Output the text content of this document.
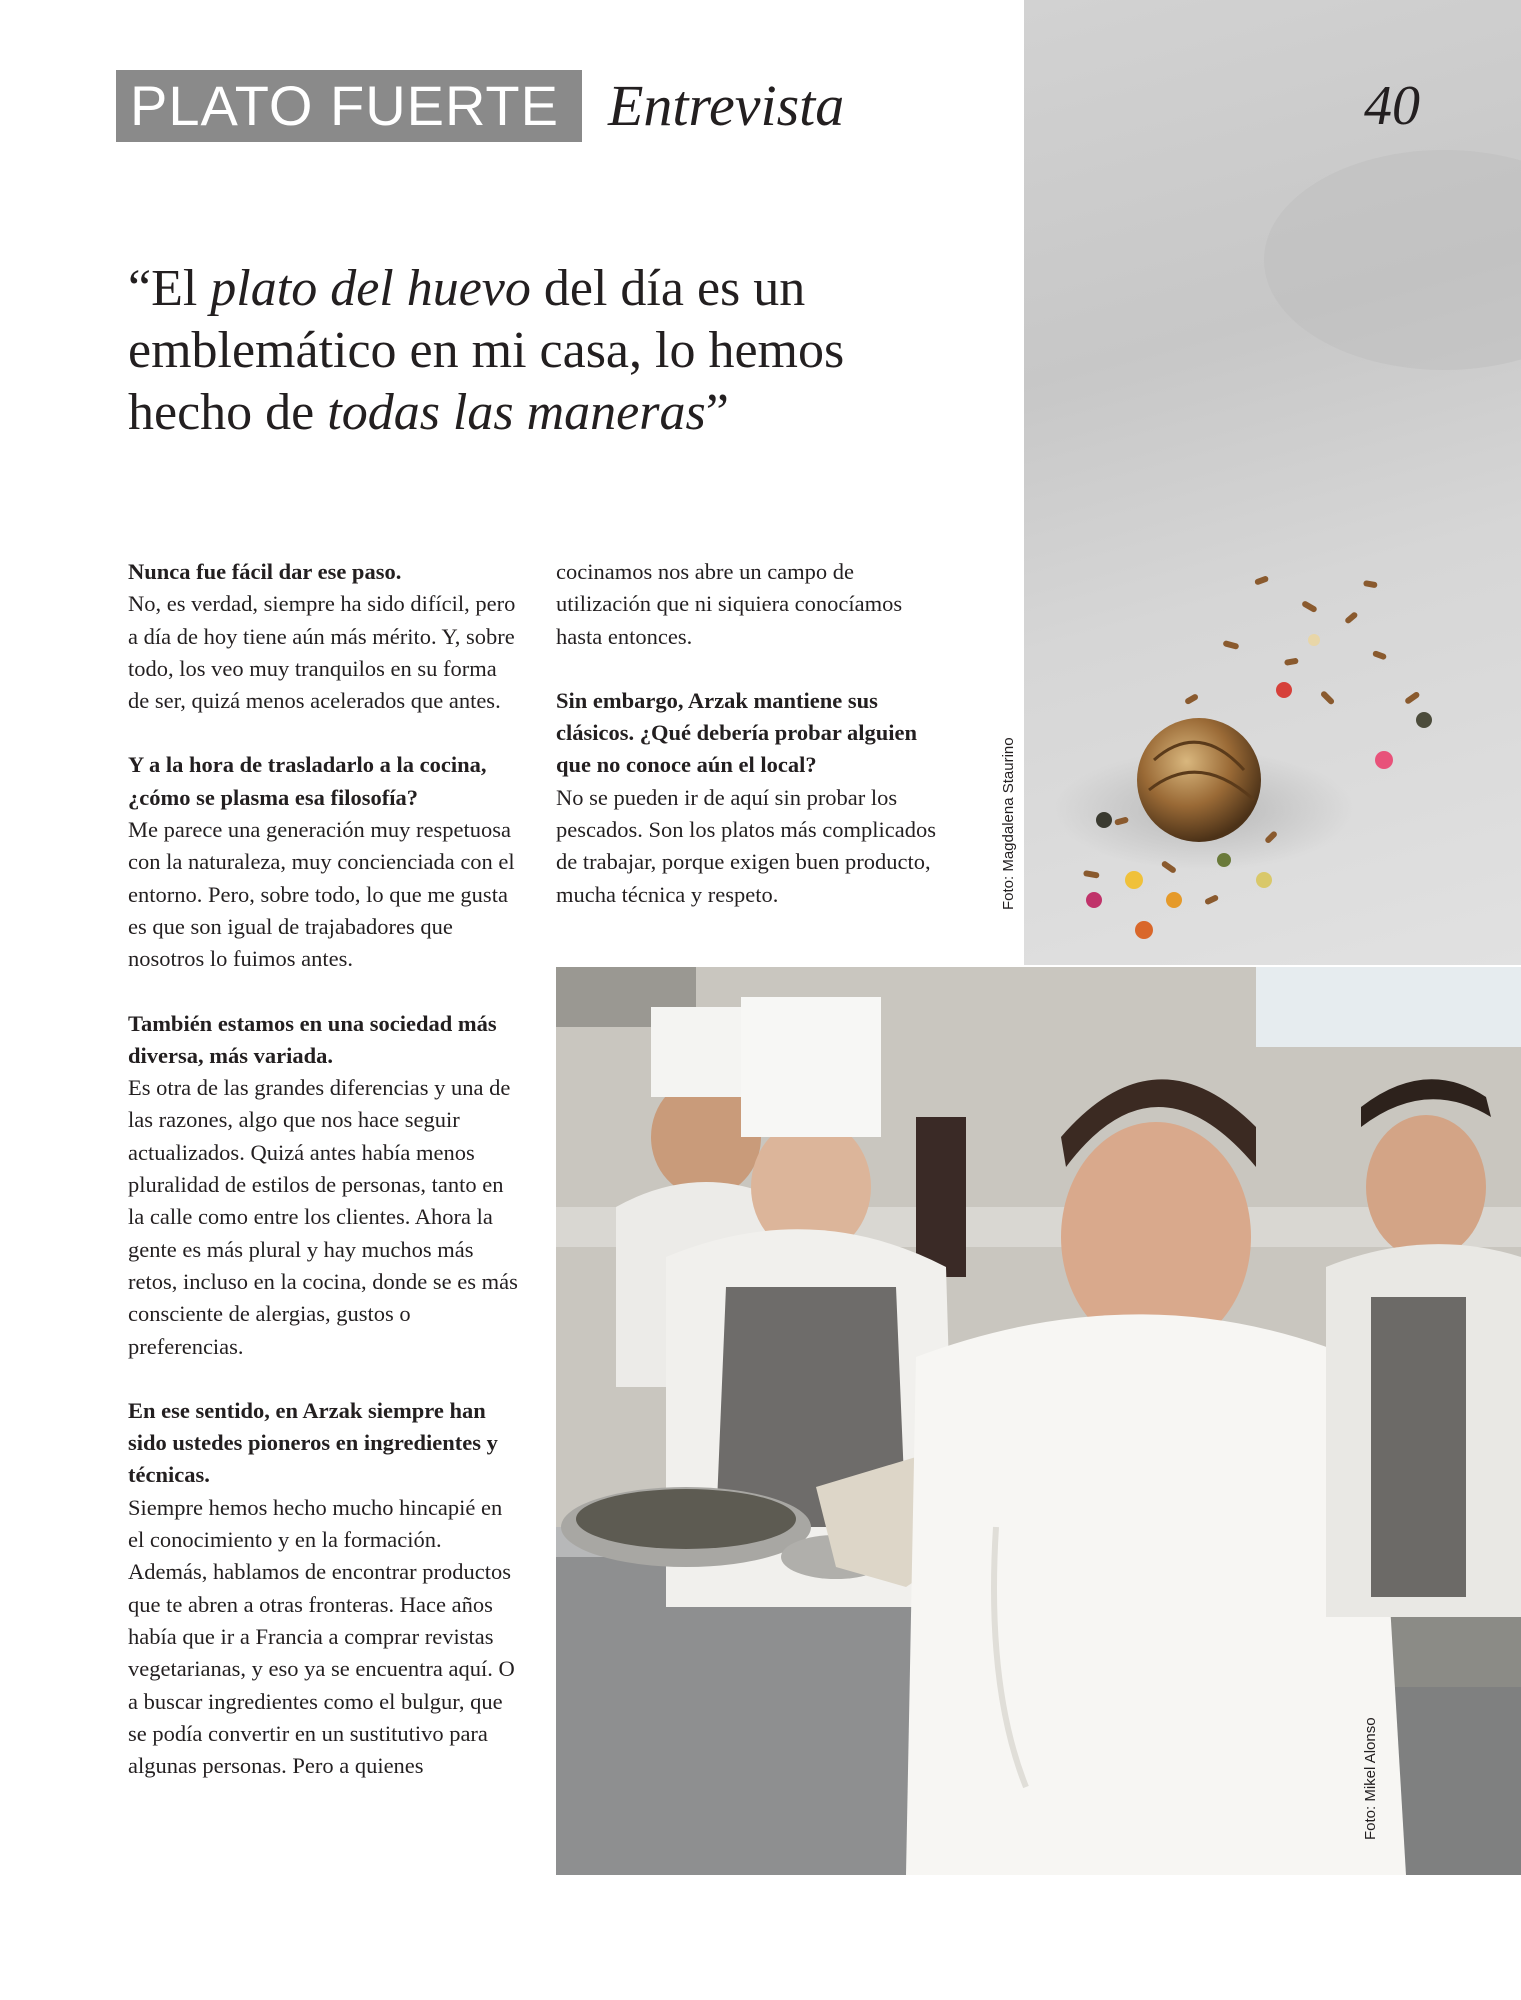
PLATO FUERTE Entrevista	40
“El plato del huevo del día es un emblemático en mi casa, lo hemos hecho de todas las maneras”

Nunca fue fácil dar ese paso.
No, es verdad, siempre ha sido difícil, pero a día de hoy tiene aún más mérito. Y, sobre todo, los veo muy tranquilos en su forma de ser, quizá menos acelerados que antes.

Y a la hora de trasladarlo a la cocina, ¿cómo se plasma esa filosofía?
Me parece una generación muy respetuosa con la naturaleza, muy concienciada con el entorno. Pero, sobre todo, lo que me gusta es que son igual de trajabadores que nosotros lo fuimos antes.

También estamos en una sociedad más diversa, más variada.
Es otra de las grandes diferencias y una de las razones, algo que nos hace seguir actualizados. Quizá antes había menos pluralidad de estilos de personas, tanto en la calle como entre los clientes. Ahora la gente es más plural y hay muchos más retos, incluso en la cocina, donde se es más consciente de alergias, gustos o preferencias.

En ese sentido, en Arzak siempre han sido ustedes pioneros en ingredientes y técnicas.
Siempre hemos hecho mucho hincapié en el conocimiento y en la formación. Además, hablamos de encontrar productos que te abren a otras fronteras. Hace años había que ir a Francia a comprar revistas vegetarianas, y eso ya se encuentra aquí. O a buscar ingredientes como el bulgur, que se podía convertir en un sustitutivo para algunas personas. Pero a quienes

cocinamos nos abre un campo de utilización que ni siquiera conocíamos hasta entonces.

Sin embargo, Arzak mantiene sus clásicos. ¿Qué debería probar alguien que no conoce aún el local?
No se pueden ir de aquí sin probar los pescados. Son los platos más complicados de trabajar, porque exigen buen producto, mucha técnica y respeto.	Foto: Magdalena Staurino
Foto: Mikel Alonso
